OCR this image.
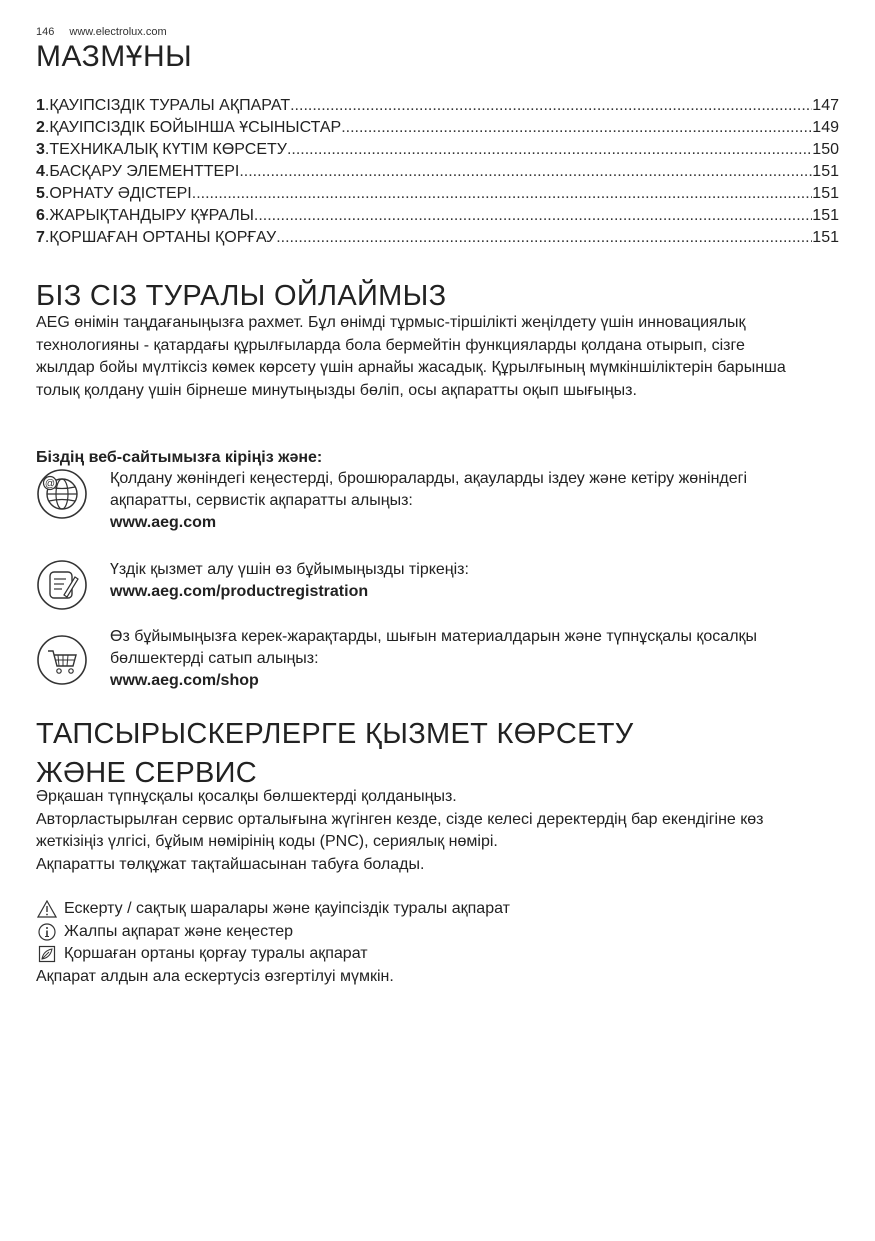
146 www.electrolux.com
МАЗМҰНЫ
1 . ҚАУІПСІЗДІК ТУРАЛЫ АҚПАРАТ .....	147
2 . ҚАУІПСІЗДІК БОЙЫНША ҰСЫНЫСТАР .....	149
3 . ТЕХНИКАЛЫҚ КҮТІМ КӨРСЕТУ .....	150
4 . БАСҚАРУ ЭЛЕМЕНТТЕРІ .....	151
5 . ОРНАТУ ӘДІСТЕРІ .....	151
6 . ЖАРЫҚТАНДЫРУ ҚҰРАЛЫ .....	151
7 . ҚОРШАҒАН ОРТАНЫ ҚОРҒАУ .....	151
БІЗ СІЗ ТУРАЛЫ ОЙЛАЙМЫЗ

AEG өнімін таңдағаныңызға рахмет. Бұл өнімді тұрмыс-тіршілікті жеңілдету үшін инновациялық технологияны - қатардағы құрылғыларда бола бермейтін функцияларды қолдана отырып, сізге жылдар бойы мүлтіксіз көмек көрсету үшін арнайы жасадық. Құрылғының мүмкіншіліктерін барынша толық қолдану үшін бірнеше минутыңызды бөліп, осы ақпаратты оқып шығыңыз.

Біздің веб-сайтымызға кіріңіз және:
@	Қолдану жөніндегі кеңестерді, брошюраларды, ақауларды іздеу және кетіру жөніндегі ақпаратты, сервистік ақпаратты алыңыз:
www.aeg.com
Үздік қызмет алу үшін өз бұйымыңызды тіркеңіз:
www.aeg.com/productregistration
Өз бұйымыңызға керек-жарақтарды, шығын материалдарын және түпнұсқалы қосалқы бөлшектерді сатып алыңыз:
www.aeg.com/shop
ТАПСЫРЫСКЕРЛЕРГЕ ҚЫЗМЕТ КӨРСЕТУ
ЖӘНЕ СЕРВИС
Әрқашан түпнұсқалы қосалқы бөлшектерді қолданыңыз.
Авторластырылған сервис орталығына жүгінген кезде, сізде келесі деректердің бар екендігіне көз жеткізіңіз үлгісі, бұйым нөмірінің коды (PNC), сериялық нөмірі.
Ақпаратты төлқұжат тақтайшасынан табуға болады.
Ескерту / сақтық шаралары және қауіпсіздік туралы ақпарат
Жалпы ақпарат және кеңестер
Қоршаған ортаны қорғау туралы ақпарат
Ақпарат алдын ала ескертусіз өзгертілуі мүмкін.
